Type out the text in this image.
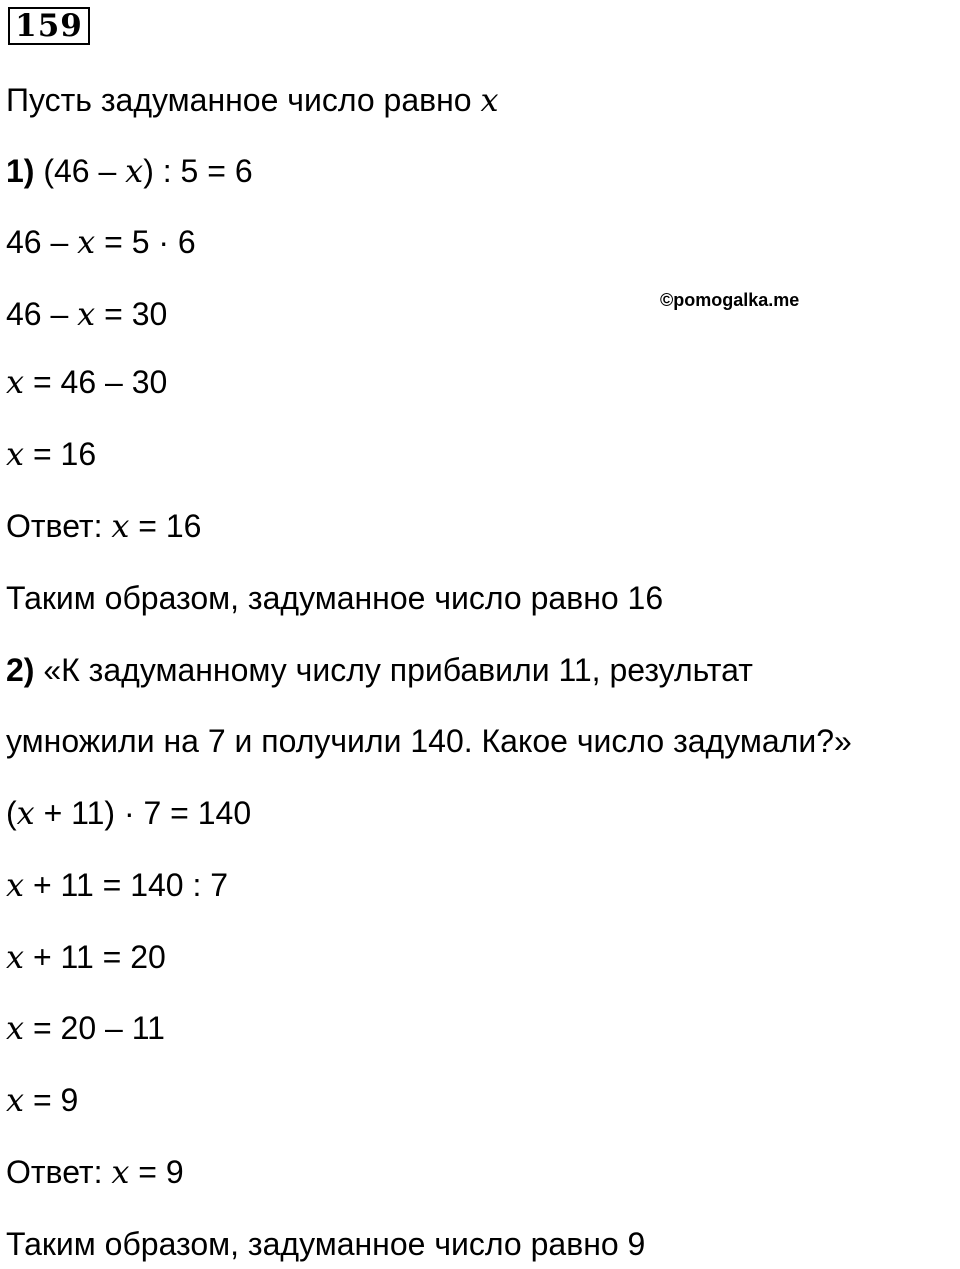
159
Пусть задуманное число равно x
1) (46 – x) : 5 = 6
46 – x = 5 · 6
©pomogalka.me
46 – x = 30
x = 46 – 30
x = 16
Ответ: x = 16
Таким образом, задуманное число равно 16
2) «К задуманному числу прибавили 11, результат
умножили на 7 и получили 140. Какое число задумали?»
(x + 11) · 7 = 140
x + 11 = 140 : 7
x + 11 = 20
x = 20 – 11
x = 9
Ответ: x = 9
Таким образом, задуманное число равно 9
